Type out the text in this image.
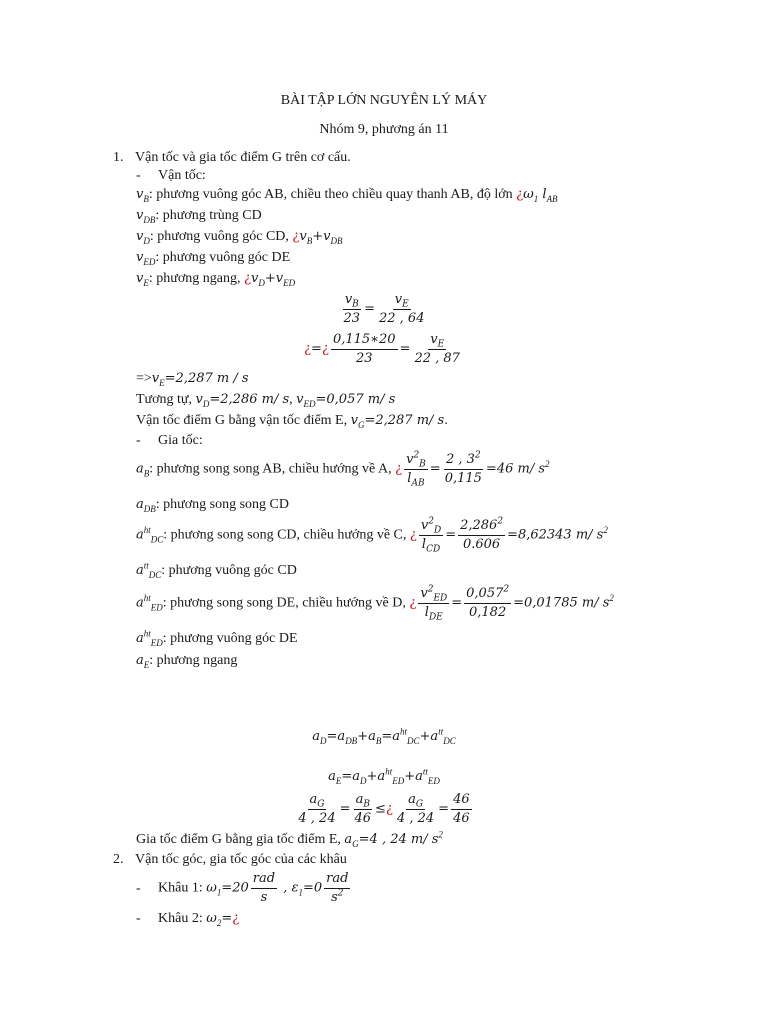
BÀI TẬP LỚN NGUYÊN LÝ MÁY
Nhóm 9, phương án 11
1. Vận tốc và gia tốc điểm G trên cơ cấu.
- Vận tốc:
$v_B$: phương vuông góc AB, chiều theo chiều quay thanh AB, độ lớn ¿$\omega_1$ $l_{AB}$
$v_{DB}$: phương trùng CD
$v_D$: phương vuông góc CD, ¿$v_B+v_{DB}$
$v_{ED}$: phương vuông góc DE
$v_E$: phương ngang, ¿$v_D+v_{ED}$
$\frac{v_B}{23} = \frac{v_E}{22 , 64}$
¿=¿ $\frac{0,115∗20}{23} = \frac{v_E}{22 , 87}$
$=>v_E=2,287$ m / s
Tương tự, $v_D=2,286$ m/ s, $v_{ED}=0,057$ m/ s
Vận tốc điểm G bằng vận tốc điểm E, $v_G=2,287$ m/ s.
- Gia tốc:
$a_B$: phương song song AB, chiều hướng về A, ¿ $\frac{v^2_B}{l_{AB}} = \frac{2 , 3^2}{0,115} =46$ m/ $s^2$
$a_{DB}$: phương song song CD
$a^{ht}_{DC}$: phương song song CD, chiều hướng về C, ¿ $\frac{v^2_D}{l_{CD}} = \frac{2,286^2}{0.606} =8,62343$ m/ $s^2$
$a^{tt}_{DC}$: phương vuông góc CD
$a^{ht}_{ED}$: phương song song DE, chiều hướng về D, ¿ $\frac{v^2_{ED}}{l_{DE}} = \frac{0,057^2}{0,182} =0,01785$ m/ $s^2$
$a^{ht}_{ED}$: phương vuông góc DE
$a_E$: phương ngang
$a_D=a_{DB}+a_B=a^{ht}_{DC}+a^{tt}_{DC}$
$a_E=a_D+a^{ht}_{ED}+a^{tt}_{ED}$
$\frac{a_G}{4 , 24} = \frac{a_B}{46}$ ≤¿ $\frac{a_G}{4 , 24} = \frac{46}{46}$
Gia tốc điểm G bằng gia tốc điểm E, $a_G=4$ , 24 m/ $s^2$
2. Vận tốc góc, gia tốc góc của các khâu
- Khâu 1: $\omega_1=20 \frac{\text{rad}}{s}$ , $\varepsilon_1=0 \frac{\text{rad}}{s^2}$
- Khâu 2: $\omega_2=¿$
